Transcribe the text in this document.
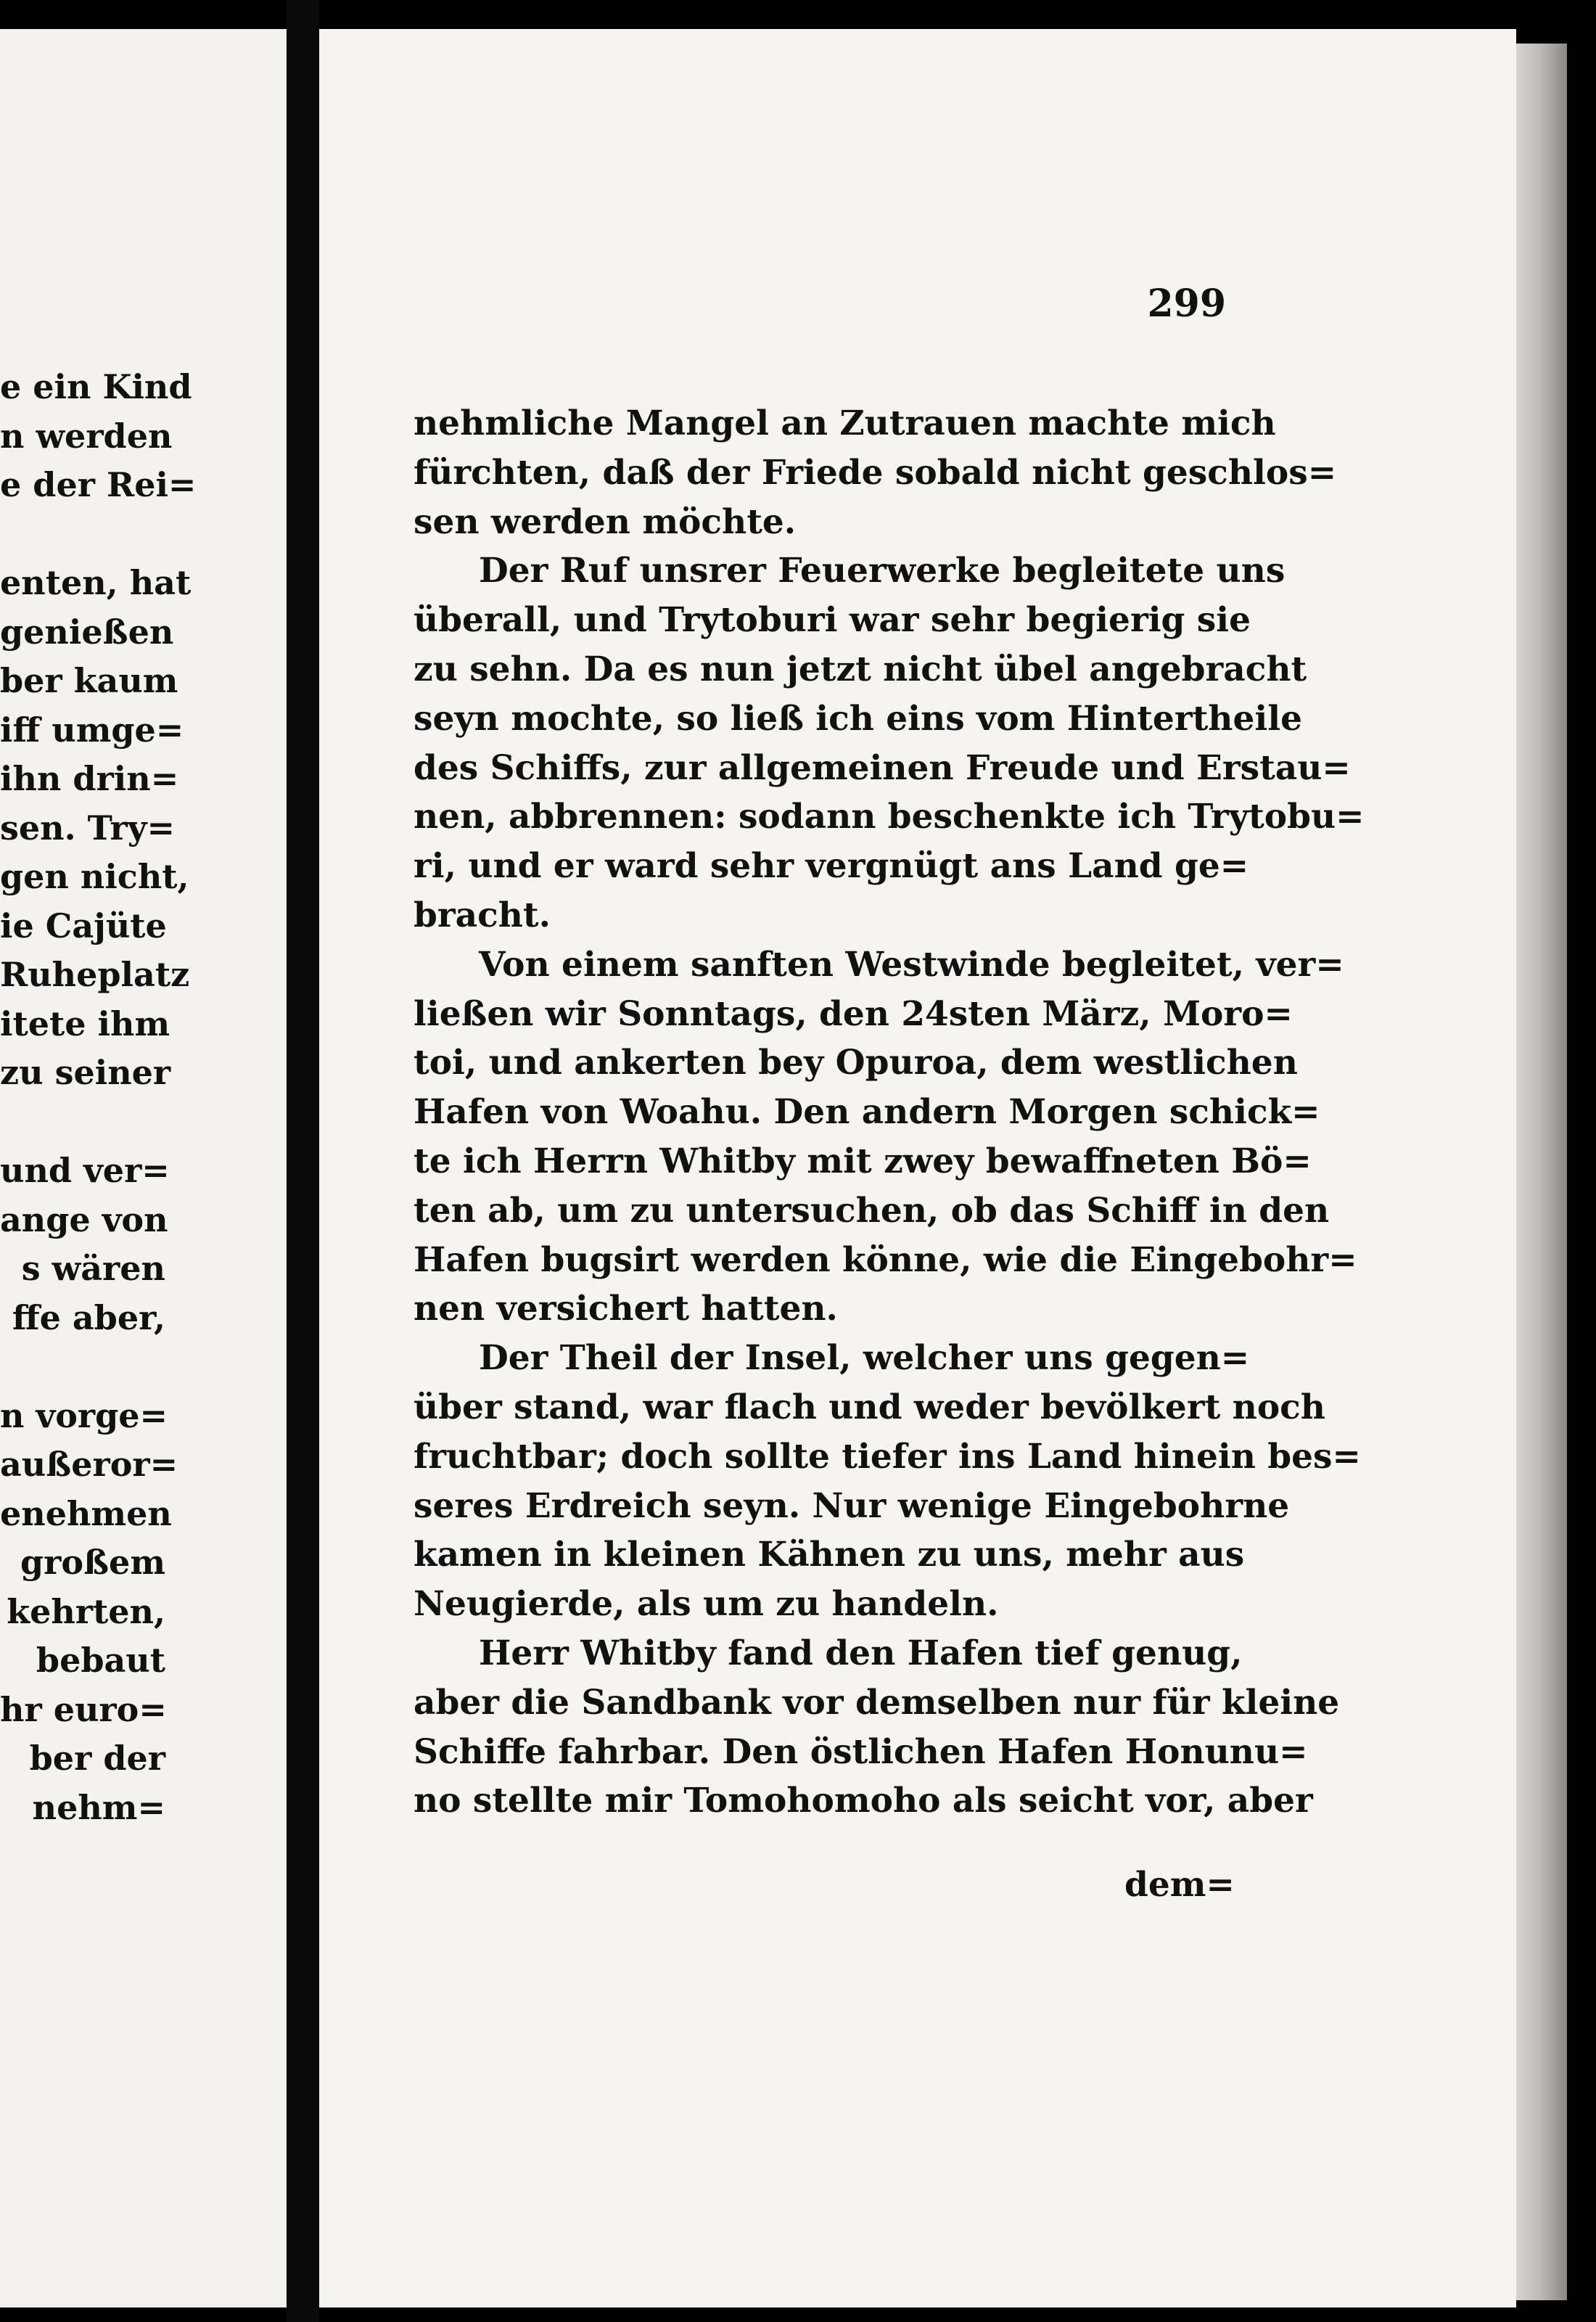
e ein Kind
n werden
e der Rei=
enten, hat
genießen
ber kaum
iff umge=
ihn drin=
sen. Try=
gen nicht,
ie Cajüte
Ruheplatz
itete ihm
zu seiner
und ver=
ange von
s wären
ffe aber,
n vorge=
außeror=
enehmen
großem
kehrten,
bebaut
hr euro=
ber der
nehm=
299
nehmliche Mangel an Zutrauen machte mich
fürchten, daß der Friede sobald nicht geschlos=
sen werden möchte.
Der Ruf unsrer Feuerwerke begleitete uns
überall, und Trytoburi war sehr begierig sie
zu sehn. Da es nun jetzt nicht übel angebracht
seyn mochte, so ließ ich eins vom Hintertheile
des Schiffs, zur allgemeinen Freude und Erstau=
nen, abbrennen: sodann beschenkte ich Trytobu=
ri, und er ward sehr vergnügt ans Land ge=
bracht.
Von einem sanften Westwinde begleitet, ver=
ließen wir Sonntags, den 24sten März, Moro=
toi, und ankerten bey Opuroa, dem westlichen
Hafen von Woahu. Den andern Morgen schick=
te ich Herrn Whitby mit zwey bewaffneten Bö=
ten ab, um zu untersuchen, ob das Schiff in den
Hafen bugsirt werden könne, wie die Eingebohr=
nen versichert hatten.
Der Theil der Insel, welcher uns gegen=
über stand, war flach und weder bevölkert noch
fruchtbar; doch sollte tiefer ins Land hinein bes=
seres Erdreich seyn. Nur wenige Eingebohrne
kamen in kleinen Kähnen zu uns, mehr aus
Neugierde, als um zu handeln.
Herr Whitby fand den Hafen tief genug,
aber die Sandbank vor demselben nur für kleine
Schiffe fahrbar. Den östlichen Hafen Honunu=
no stellte mir Tomohomoho als seicht vor, aber
dem=
